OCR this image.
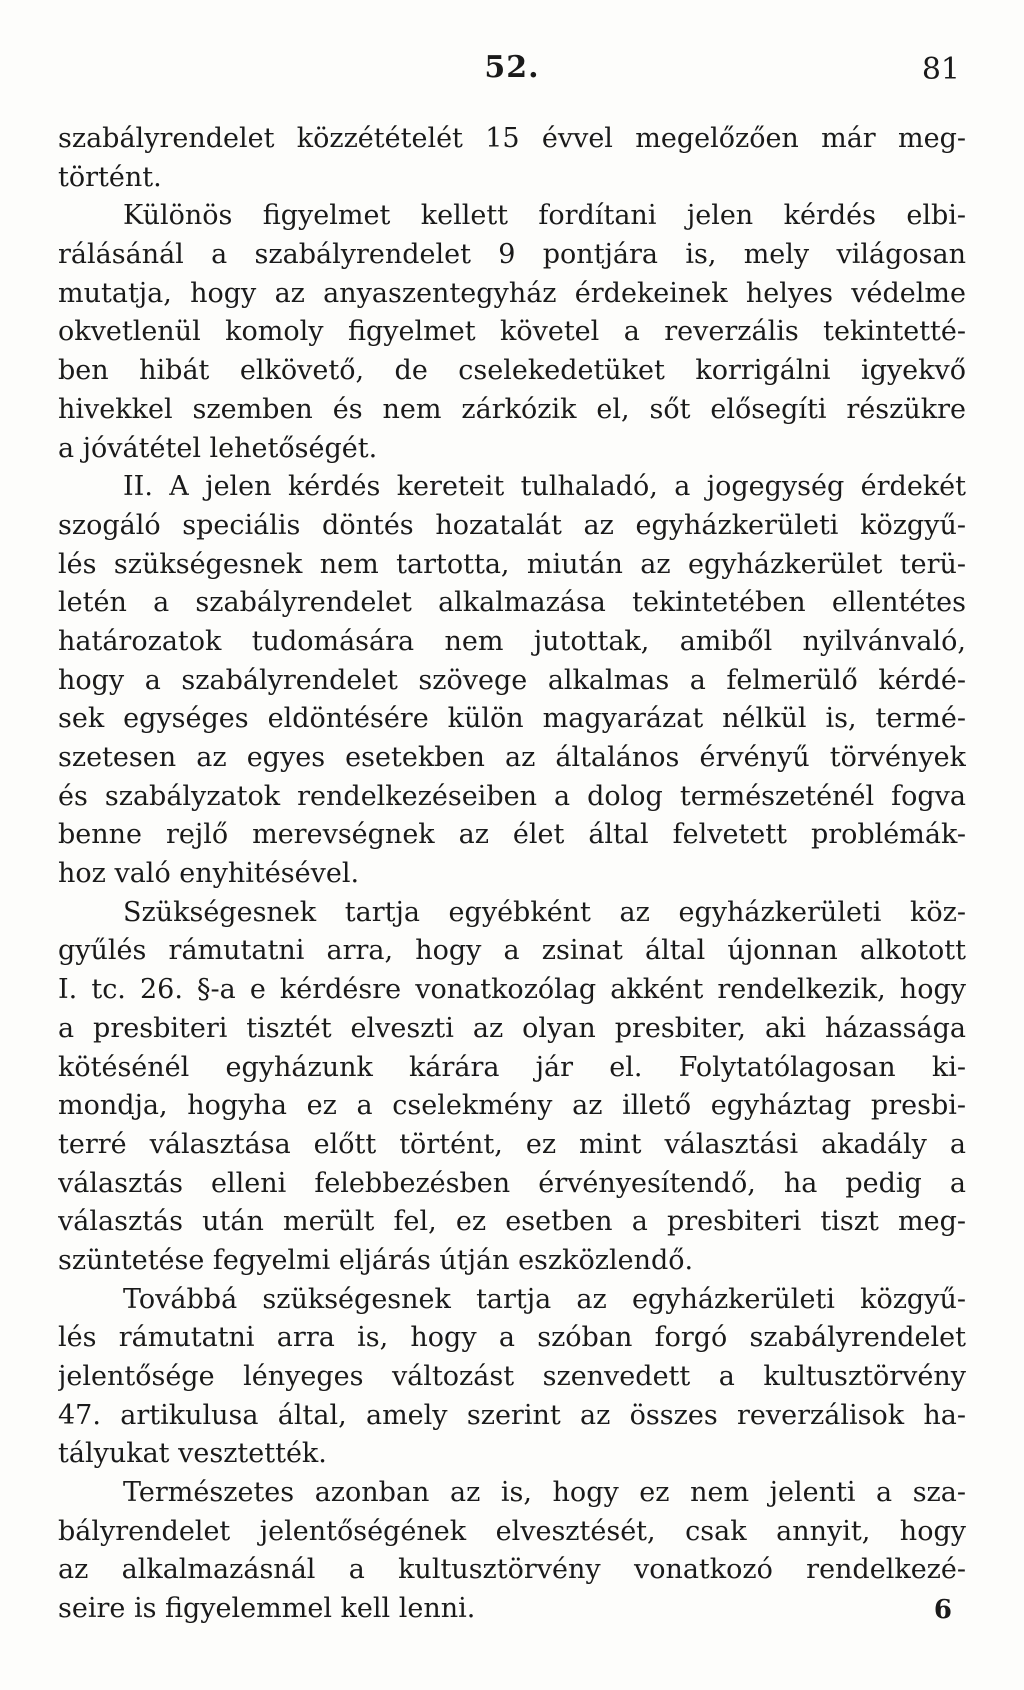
52.	81
szabályrendelet közzétételét 15 évvel megelőzően már meg-
történt.
Különös figyelmet kellett fordítani jelen kérdés elbi-
rálásánál a szabályrendelet 9 pontjára is, mely világosan
mutatja, hogy az anyaszentegyház érdekeinek helyes védelme
okvetlenül komoly figyelmet követel a reverzális tekintetté-
ben hibát elkövető, de cselekedetüket korrigálni igyekvő
hivekkel szemben és nem zárkózik el, sőt elősegíti részükre
a jóvátétel lehetőségét.
II. A jelen kérdés kereteit tulhaladó, a jogegység érdekét
szogáló speciális döntés hozatalát az egyházkerületi közgyű-
lés szükségesnek nem tartotta, miután az egyházkerület terü-
letén a szabályrendelet alkalmazása tekintetében ellentétes
határozatok tudomására nem jutottak, amiből nyilvánvaló,
hogy a szabályrendelet szövege alkalmas a felmerülő kérdé-
sek egységes eldöntésére külön magyarázat nélkül is, termé-
szetesen az egyes esetekben az általános érvényű törvények
és szabályzatok rendelkezéseiben a dolog természeténél fogva
benne rejlő merevségnek az élet által felvetett problémák-
hoz való enyhitésével.
Szükségesnek tartja egyébként az egyházkerületi köz-
gyűlés rámutatni arra, hogy a zsinat által újonnan alkotott
I. tc. 26. §-a e kérdésre vonatkozólag akként rendelkezik, hogy
a presbiteri tisztét elveszti az olyan presbiter, aki házassága
kötésénél egyházunk kárára jár el. Folytatólagosan ki-
mondja, hogyha ez a cselekmény az illető egyháztag presbi-
terré választása előtt történt, ez mint választási akadály a
választás elleni felebbezésben érvényesítendő, ha pedig a
választás után merült fel, ez esetben a presbiteri tiszt meg-
szüntetése fegyelmi eljárás útján eszközlendő.
Továbbá szükségesnek tartja az egyházkerületi közgyű-
lés rámutatni arra is, hogy a szóban forgó szabályrendelet
jelentősége lényeges változást szenvedett a kultusztörvény
47. artikulusa által, amely szerint az összes reverzálisok ha-
tályukat vesztették.
Természetes azonban az is, hogy ez nem jelenti a sza-
bályrendelet jelentőségének elvesztését, csak annyit, hogy
az alkalmazásnál a kultusztörvény vonatkozó rendelkezé-
seire is figyelemmel kell lenni.	6
